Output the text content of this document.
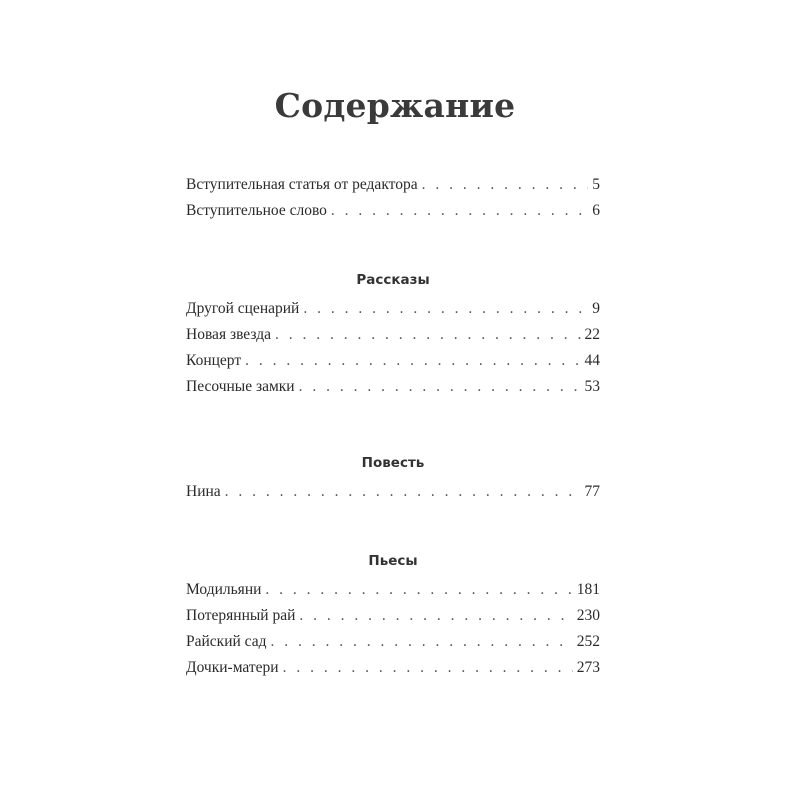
Содержание
Вступительная статья от редактора . . .	5
Вступительное слово . . .	6
Рассказы
Другой сценарий . . .	9
Новая звезда . . .	22
Концерт . . .	44
Песочные замки . . .	53
Повесть
Нина . . .	77
Пьесы
Модильяни . . .	181
Потерянный рай . . .	230
Райский сад . . .	252
Дочки-матери . . .	273
